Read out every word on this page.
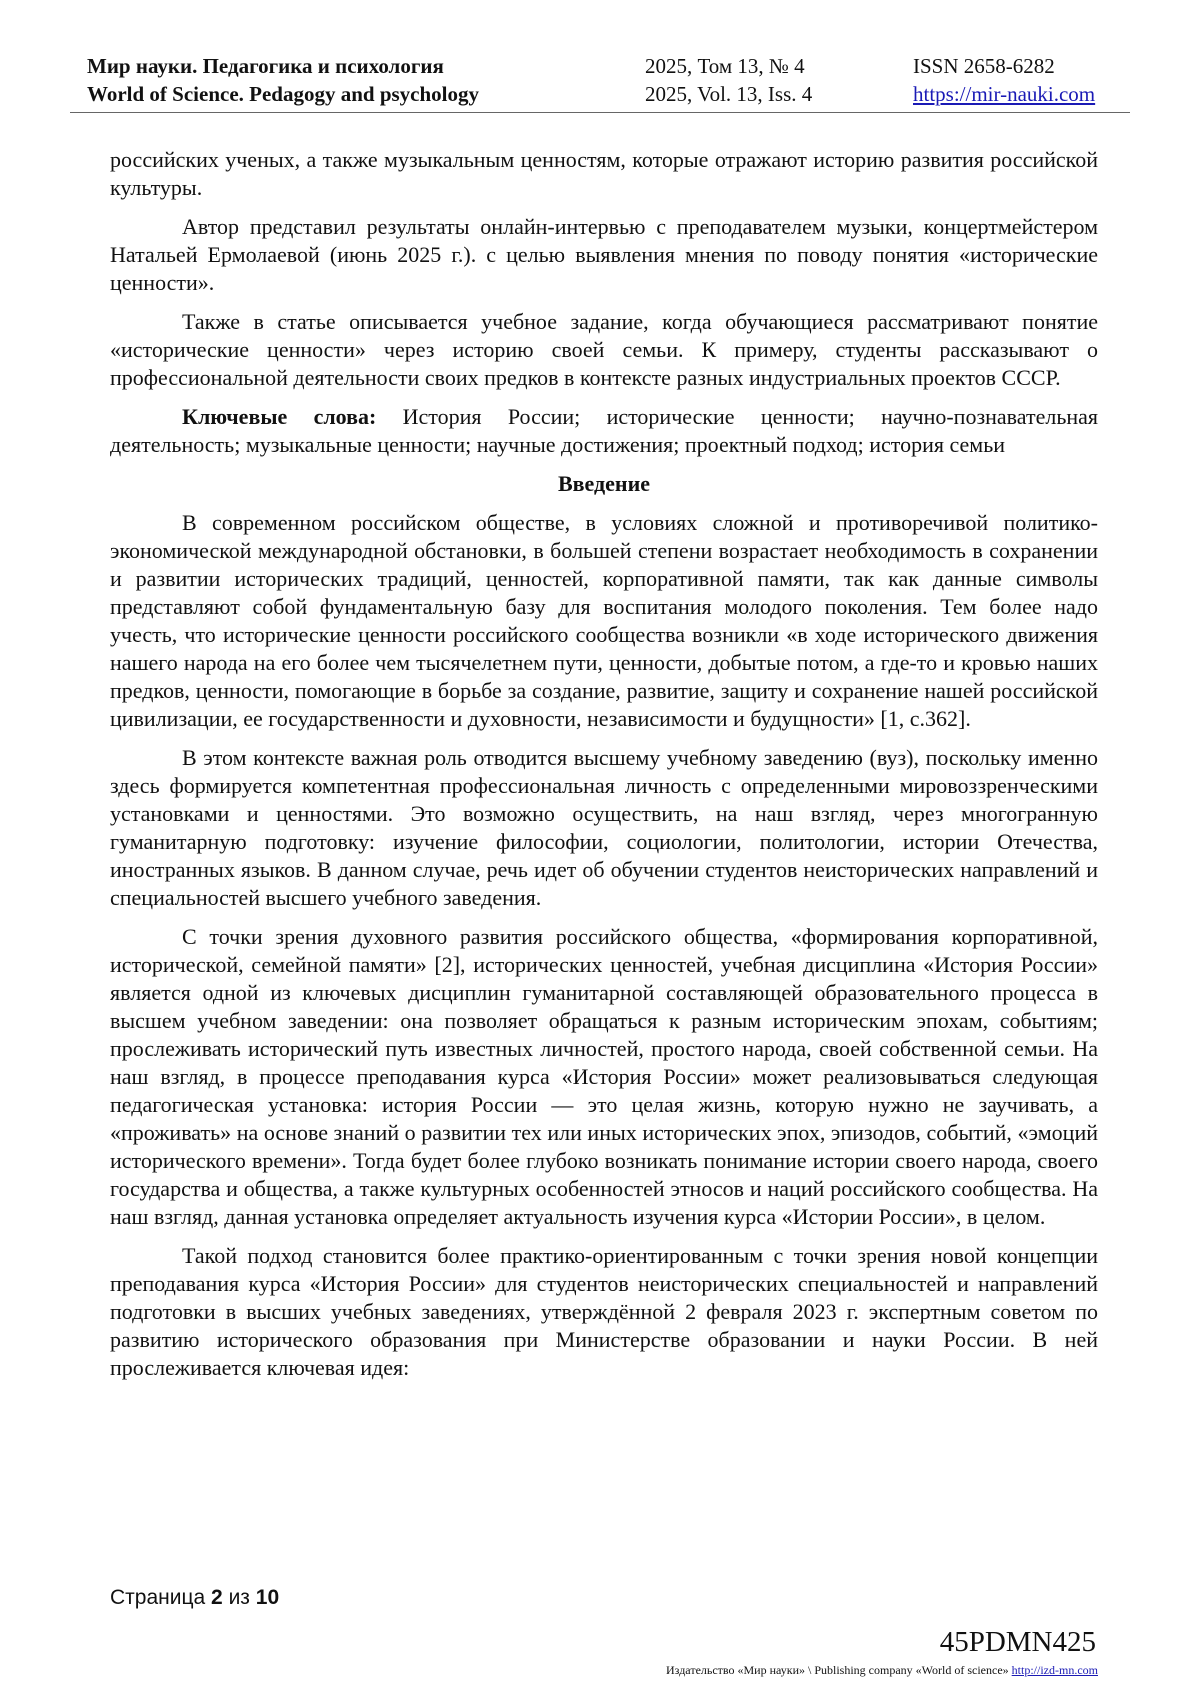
Мир науки. Педагогика и психология
World of Science. Pedagogy and psychology
2025, Том 13, № 4
2025, Vol. 13, Iss. 4
ISSN 2658-6282
https://mir-nauki.com

российских ученых, а также музыкальным ценностям, которые отражают историю развития российской культуры.

Автор представил результаты онлайн-интервью с преподавателем музыки, концертмейстером Натальей Ермолаевой (июнь 2025 г.). с целью выявления мнения по поводу понятия «исторические ценности».

Также в статье описывается учебное задание, когда обучающиеся рассматривают понятие «исторические ценности» через историю своей семьи. К примеру, студенты рассказывают о профессиональной деятельности своих предков в контексте разных индустриальных проектов СССР.

Ключевые слова: История России; исторические ценности; научно-познавательная деятельность; музыкальные ценности; научные достижения; проектный подход; история семьи

Введение

В современном российском обществе, в условиях сложной и противоречивой политико-экономической международной обстановки, в большей степени возрастает необходимость в сохранении и развитии исторических традиций, ценностей, корпоративной памяти, так как данные символы представляют собой фундаментальную базу для воспитания молодого поколения. Тем более надо учесть, что исторические ценности российского сообщества возникли «в ходе исторического движения нашего народа на его более чем тысячелетнем пути, ценности, добытые потом, а где-то и кровью наших предков, ценности, помогающие в борьбе за создание, развитие, защиту и сохранение нашей российской цивилизации, ее государственности и духовности, независимости и будущности» [1, с.362].

В этом контексте важная роль отводится высшему учебному заведению (вуз), поскольку именно здесь формируется компетентная профессиональная личность с определенными мировоззренческими установками и ценностями. Это возможно осуществить, на наш взгляд, через многогранную гуманитарную подготовку: изучение философии, социологии, политологии, истории Отечества, иностранных языков. В данном случае, речь идет об обучении студентов неисторических направлений и специальностей высшего учебного заведения.

С точки зрения духовного развития российского общества, «формирования корпоративной, исторической, семейной памяти» [2], исторических ценностей, учебная дисциплина «История России» является одной из ключевых дисциплин гуманитарной составляющей образовательного процесса в высшем учебном заведении: она позволяет обращаться к разным историческим эпохам, событиям; прослеживать исторический путь известных личностей, простого народа, своей собственной семьи. На наш взгляд, в процессе преподавания курса «История России» может реализовываться следующая педагогическая установка: история России — это целая жизнь, которую нужно не заучивать, а «проживать» на основе знаний о развитии тех или иных исторических эпох, эпизодов, событий, «эмоций исторического времени». Тогда будет более глубоко возникать понимание истории своего народа, своего государства и общества, а также культурных особенностей этносов и наций российского сообщества. На наш взгляд, данная установка определяет актуальность изучения курса «Истории России», в целом.

Такой подход становится более практико-ориентированным с точки зрения новой концепции преподавания курса «История России» для студентов неисторических специальностей и направлений подготовки в высших учебных заведениях, утверждённой 2 февраля 2023 г. экспертным советом по развитию исторического образования при Министерстве образовании и науки России. В ней прослеживается ключевая идея:

Страница 2 из 10
45PDMN425
Издательство «Мир науки» \ Publishing company «World of science» http://izd-mn.com
